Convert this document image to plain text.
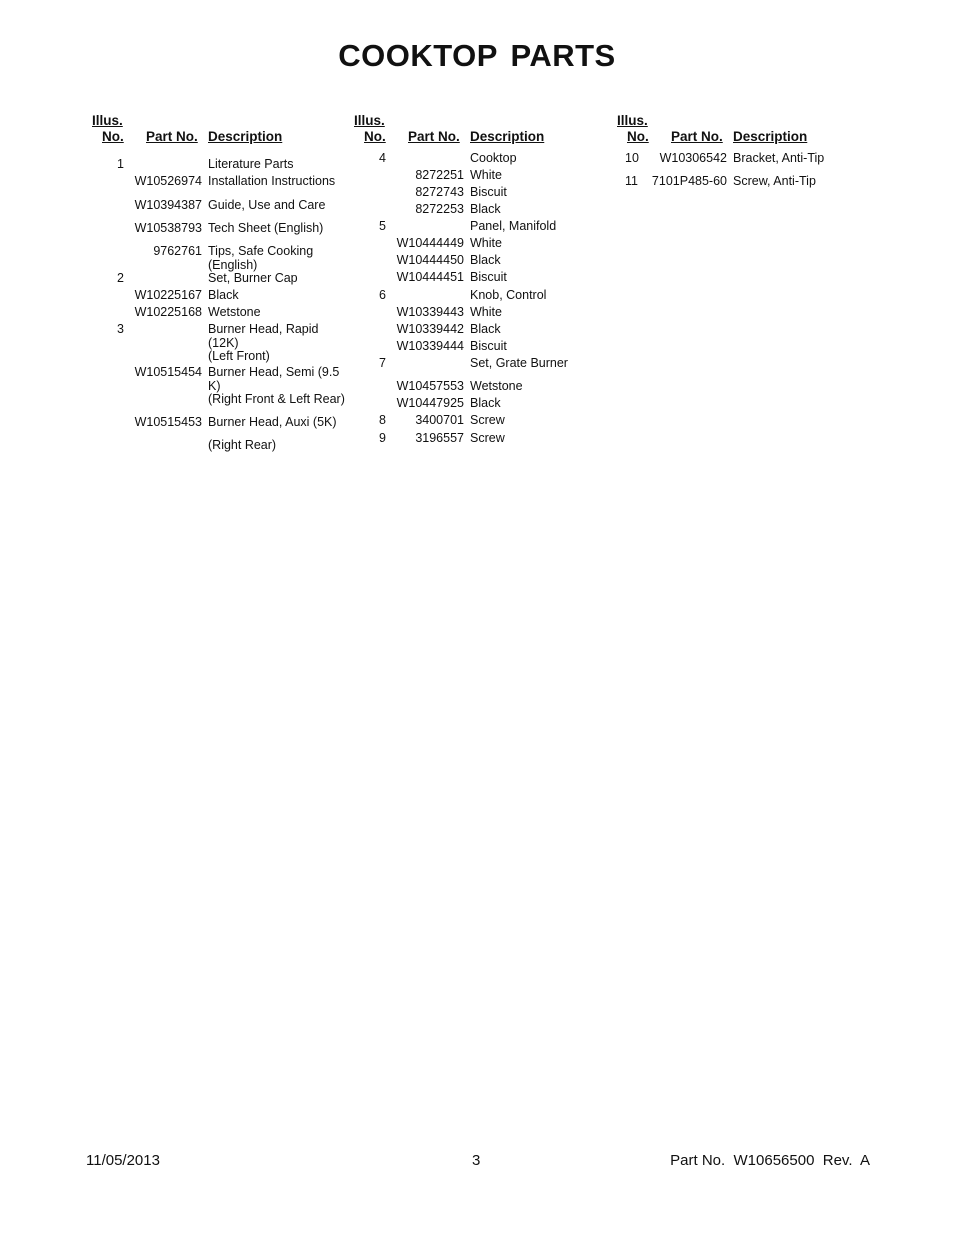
COOKTOP PARTS
Illus.
No. Part No. Description
1	Literature Parts
W10526974 Installation Instructions
W10394387 Guide, Use and Care
W10538793 Tech Sheet (English)
9762761 Tips, Safe Cooking (English)
2	Set, Burner Cap
W10225167 Black
W10225168 Wetstone
3	Burner Head, Rapid (12K)
(Left Front)
W10515454 Burner Head, Semi (9.5 K)
(Right Front & Left Rear)
W10515453 Burner Head, Auxi (5K)
(Right Rear)
Illus.
No. Part No. Description
4	Cooktop
8272251 White
8272743 Biscuit
8272253 Black
5	Panel, Manifold
W10444449 White
W10444450 Black
W10444451 Biscuit
6	Knob, Control
W10339443 White
W10339442 Black
W10339444 Biscuit
7	Set, Grate Burner
W10457553 Wetstone
W10447925 Black
8	3400701 Screw
9	3196557 Screw
Illus.
No. Part No. Description
10	W10306542 Bracket, Anti-Tip
11	7101P485-60 Screw, Anti-Tip
11/05/2013	3	Part No.  W10656500  Rev.  A
